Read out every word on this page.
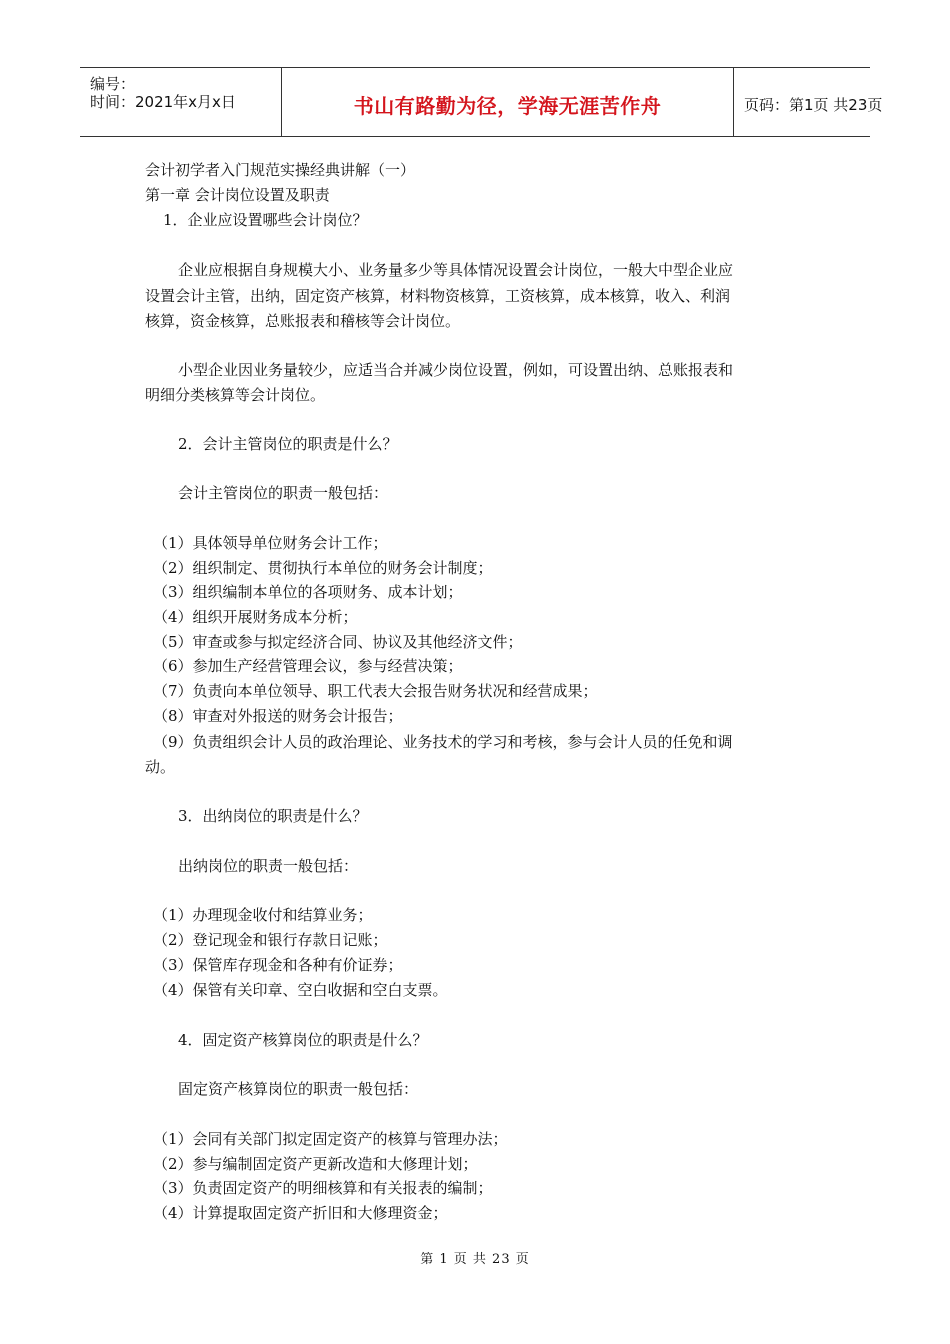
编号：
时间：2021年x月x日	书山有路勤为径，学海无涯苦作舟	页码：第1页 共23页
会计初学者入门规范实操经典讲解（一）
第一章 会计岗位设置及职责
1．企业应设置哪些会计岗位？
企业应根据自身规模大小、业务量多少等具体情况设置会计岗位，一般大中型企业应
设置会计主管，出纳，固定资产核算，材料物资核算，工资核算，成本核算，收入、利润
核算，资金核算，总账报表和稽核等会计岗位。
小型企业因业务量较少，应适当合并减少岗位设置，例如，可设置出纳、总账报表和
明细分类核算等会计岗位。
2．会计主管岗位的职责是什么？
会计主管岗位的职责一般包括：
（1）具体领导单位财务会计工作；
（2）组织制定、贯彻执行本单位的财务会计制度；
（3）组织编制本单位的各项财务、成本计划；
（4）组织开展财务成本分析；
（5）审查或参与拟定经济合同、协议及其他经济文件；
（6）参加生产经营管理会议，参与经营决策；
（7）负责向本单位领导、职工代表大会报告财务状况和经营成果；
（8）审查对外报送的财务会计报告；
（9）负责组织会计人员的政治理论、业务技术的学习和考核，参与会计人员的任免和调
动。
3．出纳岗位的职责是什么？
出纳岗位的职责一般包括：
（1）办理现金收付和结算业务；
（2）登记现金和银行存款日记账；
（3）保管库存现金和各种有价证券；
（4）保管有关印章、空白收据和空白支票。
4．固定资产核算岗位的职责是什么？
固定资产核算岗位的职责一般包括：
（1）会同有关部门拟定固定资产的核算与管理办法；
（2）参与编制固定资产更新改造和大修理计划；
（3）负责固定资产的明细核算和有关报表的编制；
（4）计算提取固定资产折旧和大修理资金；
第 1 页 共 23 页
